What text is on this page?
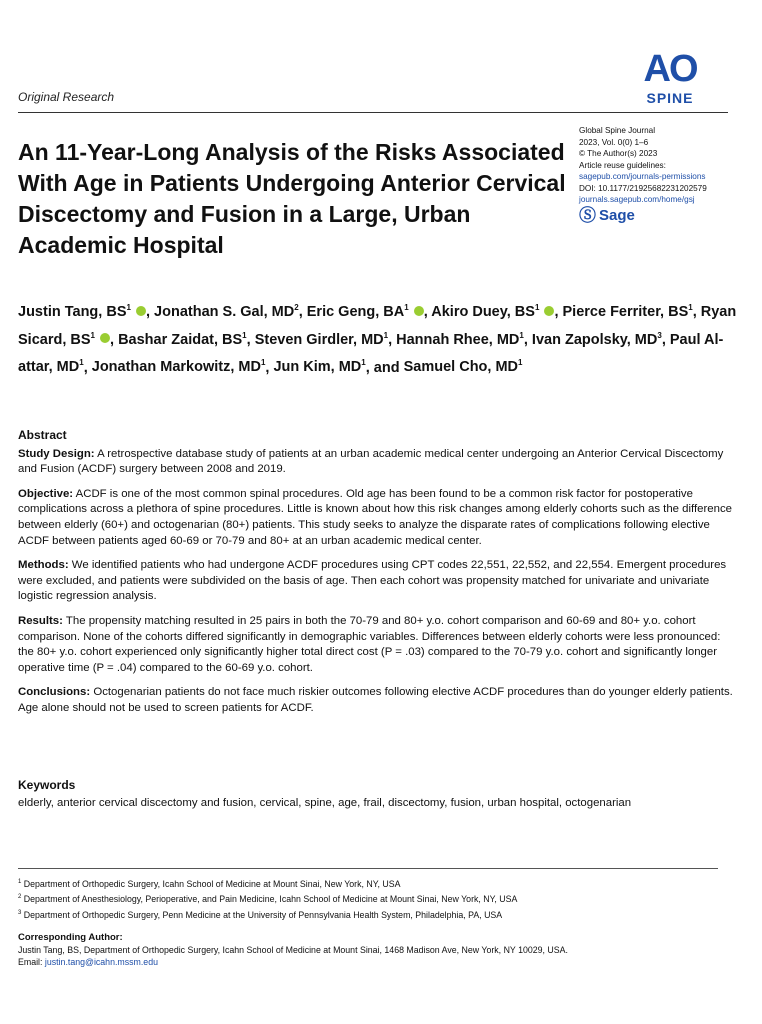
Original Research
AO
SPINE
An 11-Year-Long Analysis of the Risks Associated With Age in Patients Undergoing Anterior Cervical Discectomy and Fusion in a Large, Urban Academic Hospital
Global Spine Journal
2023, Vol. 0(0) 1–6
© The Author(s) 2023
Article reuse guidelines:
sagepub.com/journals-permissions
DOI: 10.1177/21925682231202579
journals.sagepub.com/home/gsj
Ⓢ Sage
Justin Tang, $BS^1$ , Jonathan S. Gal, $MD^2$, Eric Geng, $BA^1$ , Akiro Duey, $BS^1$ , Pierce Ferriter, $BS^1$, Ryan Sicard, $BS^1$ , Bashar Zaidat, $BS^1$, Steven Girdler, $MD^1$, Hannah Rhee, $MD^1$, Ivan Zapolsky, $MD^3$, Paul Al-attar, $MD^1$, Jonathan Markowitz, $MD^1$, Jun Kim, $MD^1$, and Samuel Cho, $MD^1$
Abstract

Study Design: A retrospective database study of patients at an urban academic medical center undergoing an Anterior Cervical Discectomy and Fusion (ACDF) surgery between 2008 and 2019.

Objective: ACDF is one of the most common spinal procedures. Old age has been found to be a common risk factor for postoperative complications across a plethora of spine procedures. Little is known about how this risk changes among elderly cohorts such as the difference between elderly (60+) and octogenarian (80+) patients. This study seeks to analyze the disparate rates of complications following elective ACDF between patients aged 60-69 or 70-79 and 80+ at an urban academic medical center.

Methods: We identified patients who had undergone ACDF procedures using CPT codes 22,551, 22,552, and 22,554. Emergent procedures were excluded, and patients were subdivided on the basis of age. Then each cohort was propensity matched for univariate and univariate logistic regression analysis.

Results: The propensity matching resulted in 25 pairs in both the 70-79 and 80+ y.o. cohort comparison and 60-69 and 80+ y.o. cohort comparison. None of the cohorts differed significantly in demographic variables. Differences between elderly cohorts were less pronounced: the 80+ y.o. cohort experienced only significantly higher total direct cost (P = .03) compared to the 70-79 y.o. cohort and significantly longer operative time (P = .04) compared to the 60-69 y.o. cohort.

Conclusions: Octogenarian patients do not face much riskier outcomes following elective ACDF procedures than do younger elderly patients. Age alone should not be used to screen patients for ACDF.

Keywords
elderly, anterior cervical discectomy and fusion, cervical, spine, age, frail, discectomy, fusion, urban hospital, octogenarian
$^1$ Department of Orthopedic Surgery, Icahn School of Medicine at Mount Sinai, New York, NY, USA
$^2$ Department of Anesthesiology, Perioperative, and Pain Medicine, Icahn School of Medicine at Mount Sinai, New York, NY, USA
$^3$ Department of Orthopedic Surgery, Penn Medicine at the University of Pennsylvania Health System, Philadelphia, PA, USA
Corresponding Author:
Justin Tang, BS, Department of Orthopedic Surgery, Icahn School of Medicine at Mount Sinai, 1468 Madison Ave, New York, NY 10029, USA.
Email: justin.tang@icahn.mssm.edu
